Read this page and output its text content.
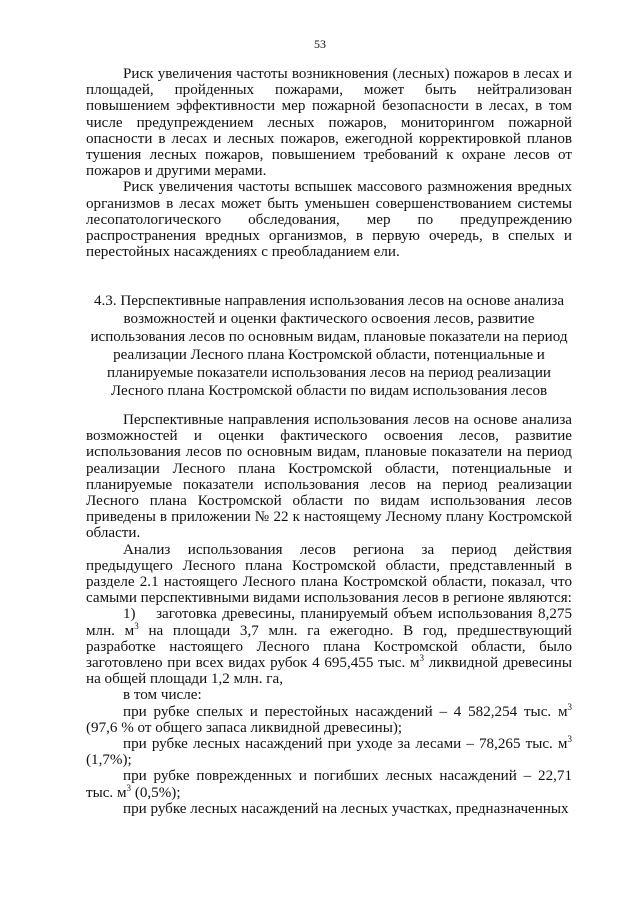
53

Риск увеличения частоты возникновения (лесных) пожаров в лесах и площадей, пройденных пожарами, может быть нейтрализован повышением эффективности мер пожарной безопасности в лесах, в том числе предупреждением лесных пожаров, мониторингом пожарной опасности в лесах и лесных пожаров, ежегодной корректировкой планов тушения лесных пожаров, повышением требований к охране лесов от пожаров и другими мерами.

Риск увеличения частоты вспышек массового размножения вредных организмов в лесах может быть уменьшен совершенствованием системы лесопатологического обследования, мер по предупреждению распространения вредных организмов, в первую очередь, в спелых и перестойных насаждениях с преобладанием ели.

4.3. Перспективные направления использования лесов на основе анализа возможностей и оценки фактического освоения лесов, развитие использования лесов по основным видам, плановые показатели на период реализации Лесного плана Костромской области, потенциальные и планируемые показатели использования лесов на период реализации Лесного плана Костромской области по видам использования лесов

Перспективные направления использования лесов на основе анализа возможностей и оценки фактического освоения лесов, развитие использования лесов по основным видам, плановые показатели на период реализации Лесного плана Костромской области, потенциальные и планируемые показатели использования лесов на период реализации Лесного плана Костромской области по видам использования лесов приведены в приложении № 22 к настоящему Лесному плану Костромской области.

Анализ использования лесов региона за период действия предыдущего Лесного плана Костромской области, представленный в разделе 2.1 настоящего Лесного плана Костромской области, показал, что самыми перспективными видами использования лесов в регионе являются:

1)  заготовка древесины, планируемый объем использования 8,275 млн. $м^3$ на площади 3,7 млн. га ежегодно. В год, предшествующий разработке настоящего Лесного плана Костромской области, было заготовлено при всех видах рубок 4 695,455 тыс. $м^3$ ликвидной древесины на общей площади 1,2 млн. га,

в том числе:

при рубке спелых и перестойных насаждений – 4 582,254 тыс. $м^3$ (97,6 % от общего запаса ликвидной древесины);

при рубке лесных насаждений при уходе за лесами – 78,265 тыс. $м^3$ (1,7%);

при рубке поврежденных и погибших лесных насаждений – 22,71 тыс. $м^3$ (0,5%);

при рубке лесных насаждений на лесных участках, предназначенных
